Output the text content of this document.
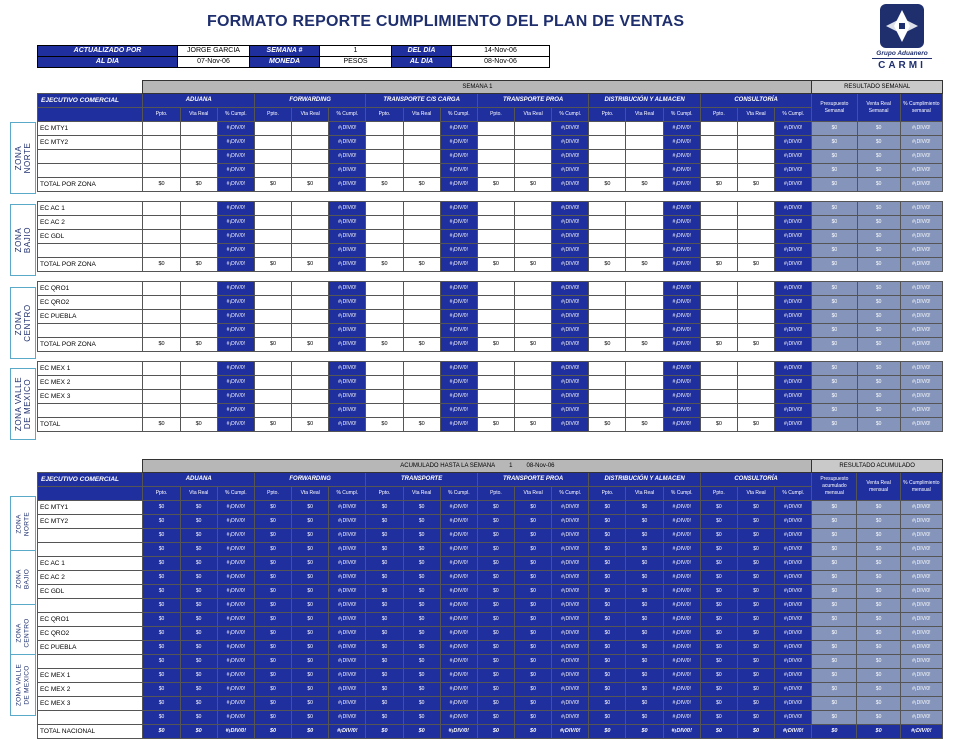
FORMATO REPORTE CUMPLIMIENTO DEL PLAN DE VENTAS
Grupo Aduanero
CARMI
ACTUALIZADO POR	JORGE GARCIA	SEMANA #	1	DEL DÍA	14-Nov-06
AL DIA	07-Nov-06	MONEDA	PESOS	AL DÍA	08-Nov-06
ZONA
NORTE
ZONA
BAJIO
ZONA
CENTRO
ZONA VALLE
DE MEXICO
ZONA
NORTE
ZONA
BAJIO
ZONA
CENTRO
ZONA VALLE
DE MEXICO
	SEMANA 1																		RESULTADO SEMANAL		
EJECUTIVO COMERCIAL	ADUANA			FORWARDING			TRANSPORTE C/S CARGA			TRANSPORTE PROA			DISTRIBUCIÓN Y ALMACEN			CONSULTORÍA			Presupuesto Semanal	Venta Real Semanal	% Cumplimiento semanal
	Ppto.	Vta Real	% Cumpl.	Ppto.	Vta Real	% Cumpl.	Ppto.	Vta Real	% Cumpl.	Ppto.	Vta Real	% Cumpl.	Ppto.	Vta Real	% Cumpl.	Ppto.	Vta Real	% Cumpl.			
EC MTY1			#¡DIV/0!			#¡DIV/0!			#¡DIV/0!			#¡DIV/0!			#¡DIV/0!			#¡DIV/0!	$0	$0	#¡DIV/0!
EC MTY2			#¡DIV/0!			#¡DIV/0!			#¡DIV/0!			#¡DIV/0!			#¡DIV/0!			#¡DIV/0!	$0	$0	#¡DIV/0!
			#¡DIV/0!			#¡DIV/0!			#¡DIV/0!			#¡DIV/0!			#¡DIV/0!			#¡DIV/0!	$0	$0	#¡DIV/0!
			#¡DIV/0!			#¡DIV/0!			#¡DIV/0!			#¡DIV/0!			#¡DIV/0!			#¡DIV/0!	$0	$0	#¡DIV/0!
TOTAL POR ZONA	$0	$0	#¡DIV/0!	$0	$0	#¡DIV/0!	$0	$0	#¡DIV/0!	$0	$0	#¡DIV/0!	$0	$0	#¡DIV/0!	$0	$0	#¡DIV/0!	$0	$0	#¡DIV/0!

EC AC 1			#¡DIV/0!			#¡DIV/0!			#¡DIV/0!			#¡DIV/0!			#¡DIV/0!			#¡DIV/0!	$0	$0	#¡DIV/0!
EC AC 2			#¡DIV/0!			#¡DIV/0!			#¡DIV/0!			#¡DIV/0!			#¡DIV/0!			#¡DIV/0!	$0	$0	#¡DIV/0!
EC GDL			#¡DIV/0!			#¡DIV/0!			#¡DIV/0!			#¡DIV/0!			#¡DIV/0!			#¡DIV/0!	$0	$0	#¡DIV/0!
			#¡DIV/0!			#¡DIV/0!			#¡DIV/0!			#¡DIV/0!			#¡DIV/0!			#¡DIV/0!	$0	$0	#¡DIV/0!
TOTAL POR ZONA	$0	$0	#¡DIV/0!	$0	$0	#¡DIV/0!	$0	$0	#¡DIV/0!	$0	$0	#¡DIV/0!	$0	$0	#¡DIV/0!	$0	$0	#¡DIV/0!	$0	$0	#¡DIV/0!

EC QRO1			#¡DIV/0!			#¡DIV/0!			#¡DIV/0!			#¡DIV/0!			#¡DIV/0!			#¡DIV/0!	$0	$0	#¡DIV/0!
EC QRO2			#¡DIV/0!			#¡DIV/0!			#¡DIV/0!			#¡DIV/0!			#¡DIV/0!			#¡DIV/0!	$0	$0	#¡DIV/0!
EC PUEBLA			#¡DIV/0!			#¡DIV/0!			#¡DIV/0!			#¡DIV/0!			#¡DIV/0!			#¡DIV/0!	$0	$0	#¡DIV/0!
			#¡DIV/0!			#¡DIV/0!			#¡DIV/0!			#¡DIV/0!			#¡DIV/0!			#¡DIV/0!	$0	$0	#¡DIV/0!
TOTAL POR ZONA	$0	$0	#¡DIV/0!	$0	$0	#¡DIV/0!	$0	$0	#¡DIV/0!	$0	$0	#¡DIV/0!	$0	$0	#¡DIV/0!	$0	$0	#¡DIV/0!	$0	$0	#¡DIV/0!

EC MEX 1			#¡DIV/0!			#¡DIV/0!			#¡DIV/0!			#¡DIV/0!			#¡DIV/0!			#¡DIV/0!	$0	$0	#¡DIV/0!
EC MEX 2			#¡DIV/0!			#¡DIV/0!			#¡DIV/0!			#¡DIV/0!			#¡DIV/0!			#¡DIV/0!	$0	$0	#¡DIV/0!
EC MEX 3			#¡DIV/0!			#¡DIV/0!			#¡DIV/0!			#¡DIV/0!			#¡DIV/0!			#¡DIV/0!	$0	$0	#¡DIV/0!
			#¡DIV/0!			#¡DIV/0!			#¡DIV/0!			#¡DIV/0!			#¡DIV/0!			#¡DIV/0!	$0	$0	#¡DIV/0!
TOTAL	$0	$0	#¡DIV/0!	$0	$0	#¡DIV/0!	$0	$0	#¡DIV/0!	$0	$0	#¡DIV/0!	$0	$0	#¡DIV/0!	$0	$0	#¡DIV/0!	$0	$0	#¡DIV/0!
	ACUMULADO HASTA LA SEMANA 1 08-Nov-06																		RESULTADO ACUMULADO		
EJECUTIVO COMERCIAL	ADUANA			FORWARDING			TRANSPORTE			TRANSPORTE PROA			DISTRIBUCIÓN Y ALMACEN			CONSULTORÍA			Presupuesto acumulado mensual	Venta Real mensual	% Cumplimiento mensual
	Ppto.	Vta Real	% Cumpl.	Ppto.	Vta Real	% Cumpl.	Ppto.	Vta Real	% Cumpl.	Ppto.	Vta Real	% Cumpl.	Ppto.	Vta Real	% Cumpl.	Ppto.	Vta Real	% Cumpl.			
EC MTY1	$0	$0	#¡DIV/0!	$0	$0	#¡DIV/0!	$0	$0	#¡DIV/0!	$0	$0	#¡DIV/0!	$0	$0	#¡DIV/0!	$0	$0	#¡DIV/0!	$0	$0	#¡DIV/0!
EC MTY2	$0	$0	#¡DIV/0!	$0	$0	#¡DIV/0!	$0	$0	#¡DIV/0!	$0	$0	#¡DIV/0!	$0	$0	#¡DIV/0!	$0	$0	#¡DIV/0!	$0	$0	#¡DIV/0!
	$0	$0	#¡DIV/0!	$0	$0	#¡DIV/0!	$0	$0	#¡DIV/0!	$0	$0	#¡DIV/0!	$0	$0	#¡DIV/0!	$0	$0	#¡DIV/0!	$0	$0	#¡DIV/0!
	$0	$0	#¡DIV/0!	$0	$0	#¡DIV/0!	$0	$0	#¡DIV/0!	$0	$0	#¡DIV/0!	$0	$0	#¡DIV/0!	$0	$0	#¡DIV/0!	$0	$0	#¡DIV/0!
EC AC 1	$0	$0	#¡DIV/0!	$0	$0	#¡DIV/0!	$0	$0	#¡DIV/0!	$0	$0	#¡DIV/0!	$0	$0	#¡DIV/0!	$0	$0	#¡DIV/0!	$0	$0	#¡DIV/0!
EC AC 2	$0	$0	#¡DIV/0!	$0	$0	#¡DIV/0!	$0	$0	#¡DIV/0!	$0	$0	#¡DIV/0!	$0	$0	#¡DIV/0!	$0	$0	#¡DIV/0!	$0	$0	#¡DIV/0!
EC GDL	$0	$0	#¡DIV/0!	$0	$0	#¡DIV/0!	$0	$0	#¡DIV/0!	$0	$0	#¡DIV/0!	$0	$0	#¡DIV/0!	$0	$0	#¡DIV/0!	$0	$0	#¡DIV/0!
	$0	$0	#¡DIV/0!	$0	$0	#¡DIV/0!	$0	$0	#¡DIV/0!	$0	$0	#¡DIV/0!	$0	$0	#¡DIV/0!	$0	$0	#¡DIV/0!	$0	$0	#¡DIV/0!
EC QRO1	$0	$0	#¡DIV/0!	$0	$0	#¡DIV/0!	$0	$0	#¡DIV/0!	$0	$0	#¡DIV/0!	$0	$0	#¡DIV/0!	$0	$0	#¡DIV/0!	$0	$0	#¡DIV/0!
EC QRO2	$0	$0	#¡DIV/0!	$0	$0	#¡DIV/0!	$0	$0	#¡DIV/0!	$0	$0	#¡DIV/0!	$0	$0	#¡DIV/0!	$0	$0	#¡DIV/0!	$0	$0	#¡DIV/0!
EC PUEBLA	$0	$0	#¡DIV/0!	$0	$0	#¡DIV/0!	$0	$0	#¡DIV/0!	$0	$0	#¡DIV/0!	$0	$0	#¡DIV/0!	$0	$0	#¡DIV/0!	$0	$0	#¡DIV/0!
	$0	$0	#¡DIV/0!	$0	$0	#¡DIV/0!	$0	$0	#¡DIV/0!	$0	$0	#¡DIV/0!	$0	$0	#¡DIV/0!	$0	$0	#¡DIV/0!	$0	$0	#¡DIV/0!
EC MEX 1	$0	$0	#¡DIV/0!	$0	$0	#¡DIV/0!	$0	$0	#¡DIV/0!	$0	$0	#¡DIV/0!	$0	$0	#¡DIV/0!	$0	$0	#¡DIV/0!	$0	$0	#¡DIV/0!
EC MEX 2	$0	$0	#¡DIV/0!	$0	$0	#¡DIV/0!	$0	$0	#¡DIV/0!	$0	$0	#¡DIV/0!	$0	$0	#¡DIV/0!	$0	$0	#¡DIV/0!	$0	$0	#¡DIV/0!
EC MEX 3	$0	$0	#¡DIV/0!	$0	$0	#¡DIV/0!	$0	$0	#¡DIV/0!	$0	$0	#¡DIV/0!	$0	$0	#¡DIV/0!	$0	$0	#¡DIV/0!	$0	$0	#¡DIV/0!
	$0	$0	#¡DIV/0!	$0	$0	#¡DIV/0!	$0	$0	#¡DIV/0!	$0	$0	#¡DIV/0!	$0	$0	#¡DIV/0!	$0	$0	#¡DIV/0!	$0	$0	#¡DIV/0!
TOTAL NACIONAL	$0	$0	#¡DIV/0!	$0	$0	#¡DIV/0!	$0	$0	#¡DIV/0!	$0	$0	#¡DIV/0!	$0	$0	#¡DIV/0!	$0	$0	#¡DIV/0!	$0	$0	#¡DIV/0!
